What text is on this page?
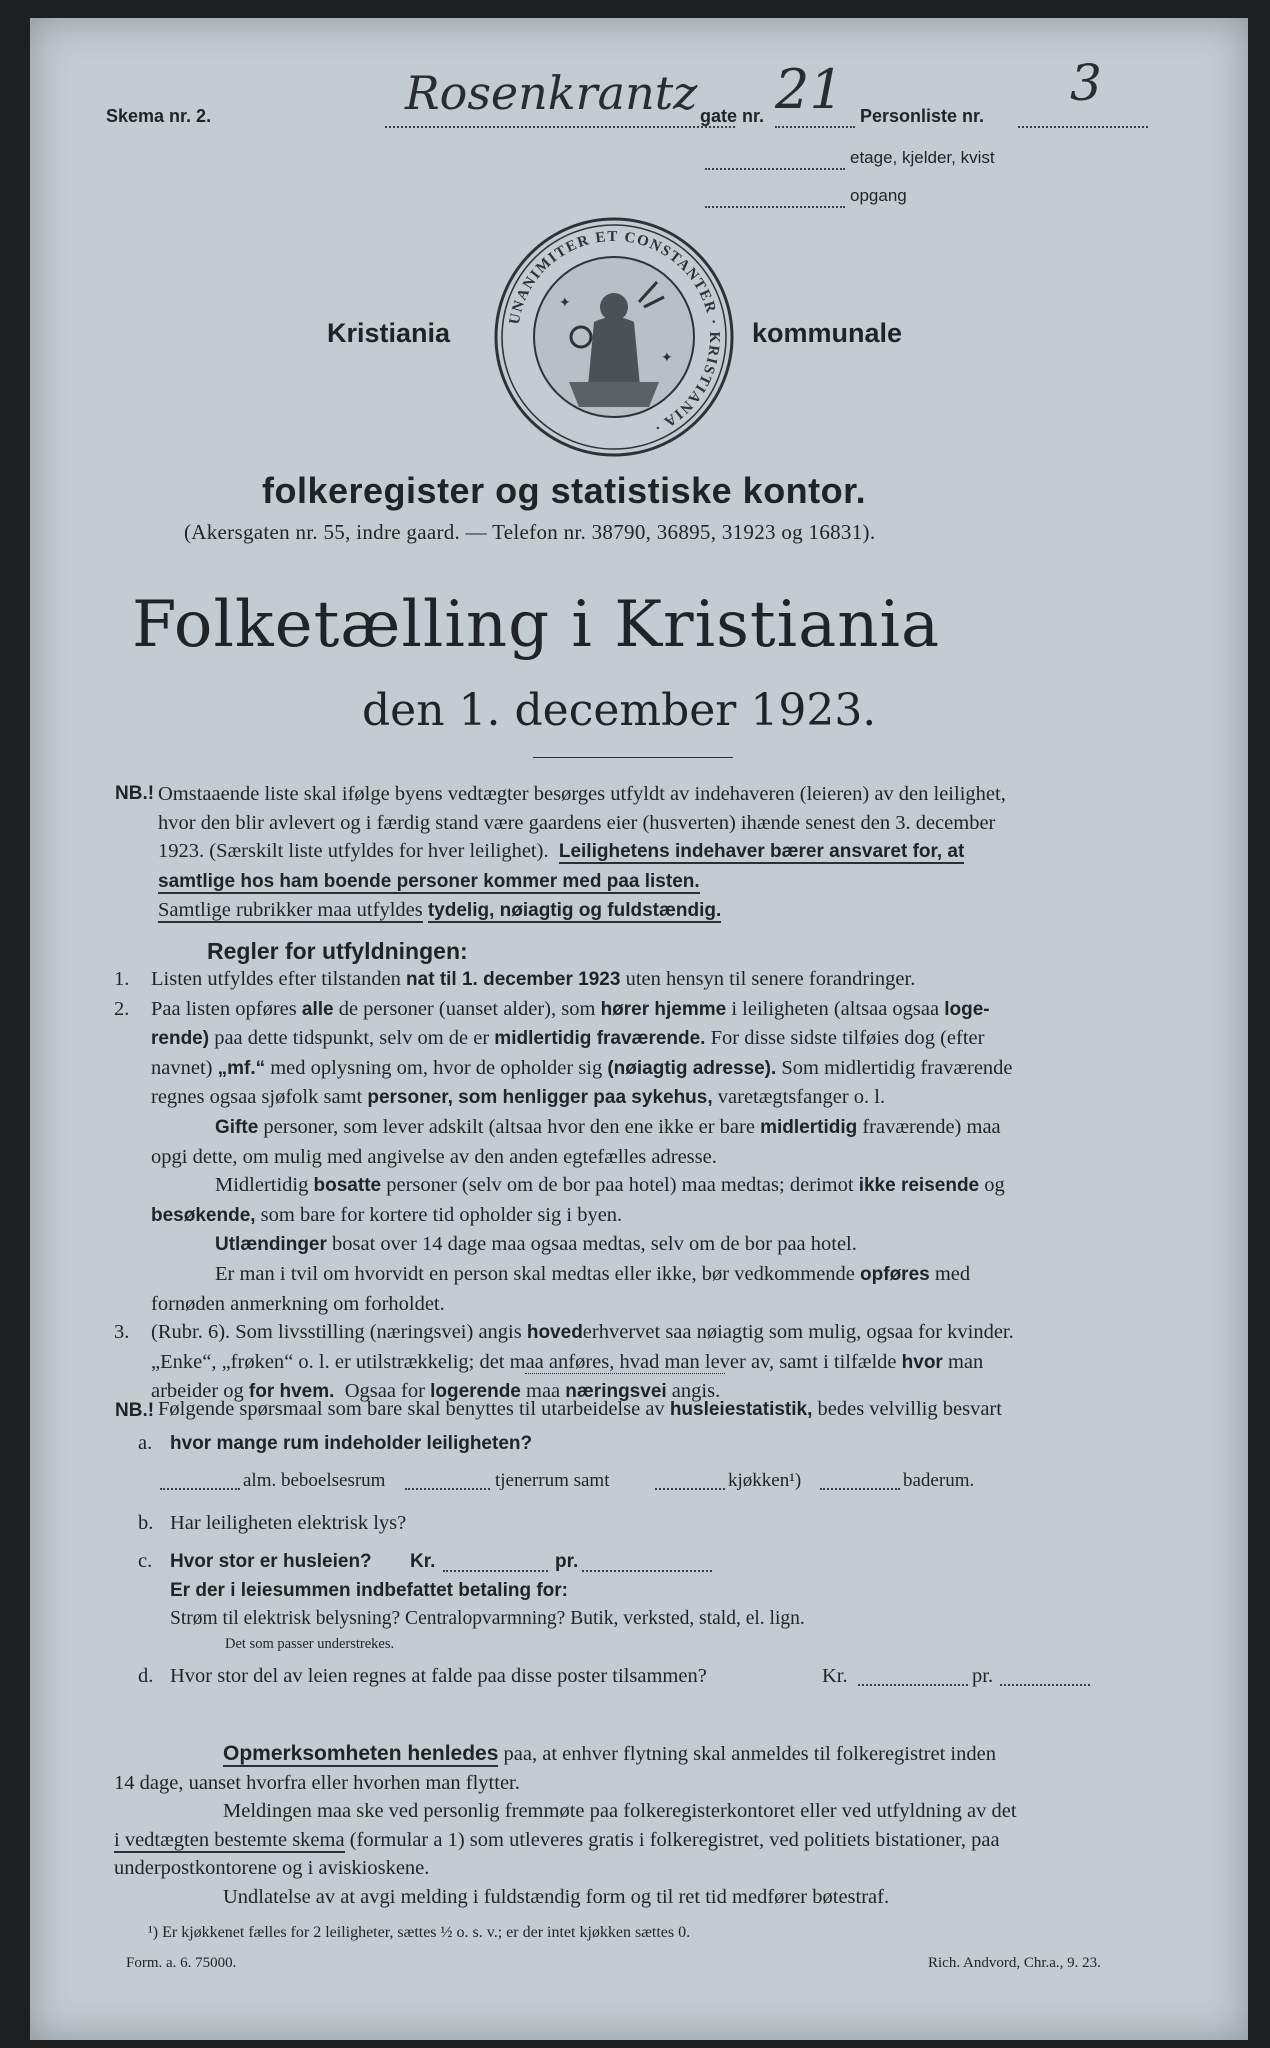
Skema nr. 2.	Rosenkrantz gate nr. 21 Personliste nr.
3
etage, kjelder, kvist
opgang
Kristiania	UNANIMITER ET CONSTANTER · KRISTIANIA ·
✦
✦
kommunale
folkeregister og statistiske kontor.
(Akersgaten nr. 55, indre gaard. — Telefon nr. 38790, 36895, 31923 og 16831).
Folketælling i Kristiania
den 1. december 1923.
NB.! Omstaaende liste skal ifølge byens vedtægter besørges utfyldt av indehaveren (leieren) av den leilighet,

hvor den blir avlevert og i færdig stand være gaardens eier (husverten) ihænde senest den 3. december

1923. (Særskilt liste utfyldes for hver leilighet). Leilighetens indehaver bærer ansvaret for, at

samtlige hos ham boende personer kommer med paa listen.

Samtlige rubrikker maa utfyldes tydelig, nøiagtig og fuldstændig.

Regler for utfyldningen:

1. Listen utfyldes efter tilstanden nat til 1. december 1923 uten hensyn til senere forandringer.

2. Paa listen opføres alle de personer (uanset alder), som hører hjemme i leiligheten (altsaa ogsaa loge-

rende) paa dette tidspunkt, selv om de er midlertidig fraværende. For disse sidste tilføies dog (efter

navnet) „mf.“ med oplysning om, hvor de opholder sig (nøiagtig adresse). Som midlertidig fraværende

regnes ogsaa sjøfolk samt personer, som henligger paa sykehus, varetægtsfanger o. l.

Gifte personer, som lever adskilt (altsaa hvor den ene ikke er bare midlertidig fraværende) maa

opgi dette, om mulig med angivelse av den anden egtefælles adresse.

Midlertidig bosatte personer (selv om de bor paa hotel) maa medtas; derimot ikke reisende og

besøkende, som bare for kortere tid opholder sig i byen.

Utlændinger bosat over 14 dage maa ogsaa medtas, selv om de bor paa hotel.

Er man i tvil om hvorvidt en person skal medtas eller ikke, bør vedkommende opføres med

fornøden anmerkning om forholdet.

3. (Rubr. 6). Som livsstilling (næringsvei) angis hovederhvervet saa nøiagtig som mulig, ogsaa for kvinder.

„Enke“, „frøken“ o. l. er utilstrækkelig; det maa anføres, hvad man lever av, samt i tilfælde hvor man

arbeider og for hvem. Ogsaa for logerende maa næringsvei angis.

NB.! Følgende spørsmaal som bare skal benyttes til utarbeidelse av husleiestatistik, bedes velvillig besvart
a. hvor mange rum indeholder leiligheten?
alm. beboelsesrum	tjenerrum samt	kjøkken¹)	baderum.
b. Har leiligheten elektrisk lys?
c. Hvor stor er husleien? Kr.	pr.
Er der i leiesummen indbefattet betaling for:
Strøm til elektrisk belysning? Centralopvarmning? Butik, verksted, stald, el. lign.
Det som passer understrekes.
d. Hvor stor del av leien regnes at falde paa disse poster tilsammen?	Kr.	pr.

Opmerksomheten henledes paa, at enhver flytning skal anmeldes til folkeregistret inden

14 dage, uanset hvorfra eller hvorhen man flytter.

Meldingen maa ske ved personlig fremmøte paa folkeregisterkontoret eller ved utfyldning av det

i vedtægten bestemte skema (formular a 1) som utleveres gratis i folkeregistret, ved politiets bistationer, paa

underpostkontorene og i aviskioskene.

Undlatelse av at avgi melding i fuldstændig form og til ret tid medfører bøtestraf.

¹) Er kjøkkenet fælles for 2 leiligheter, sættes ½ o. s. v.; er der intet kjøkken sættes 0.
Form. a. 6. 75000.	Rich. Andvord, Chr.a., 9. 23.
